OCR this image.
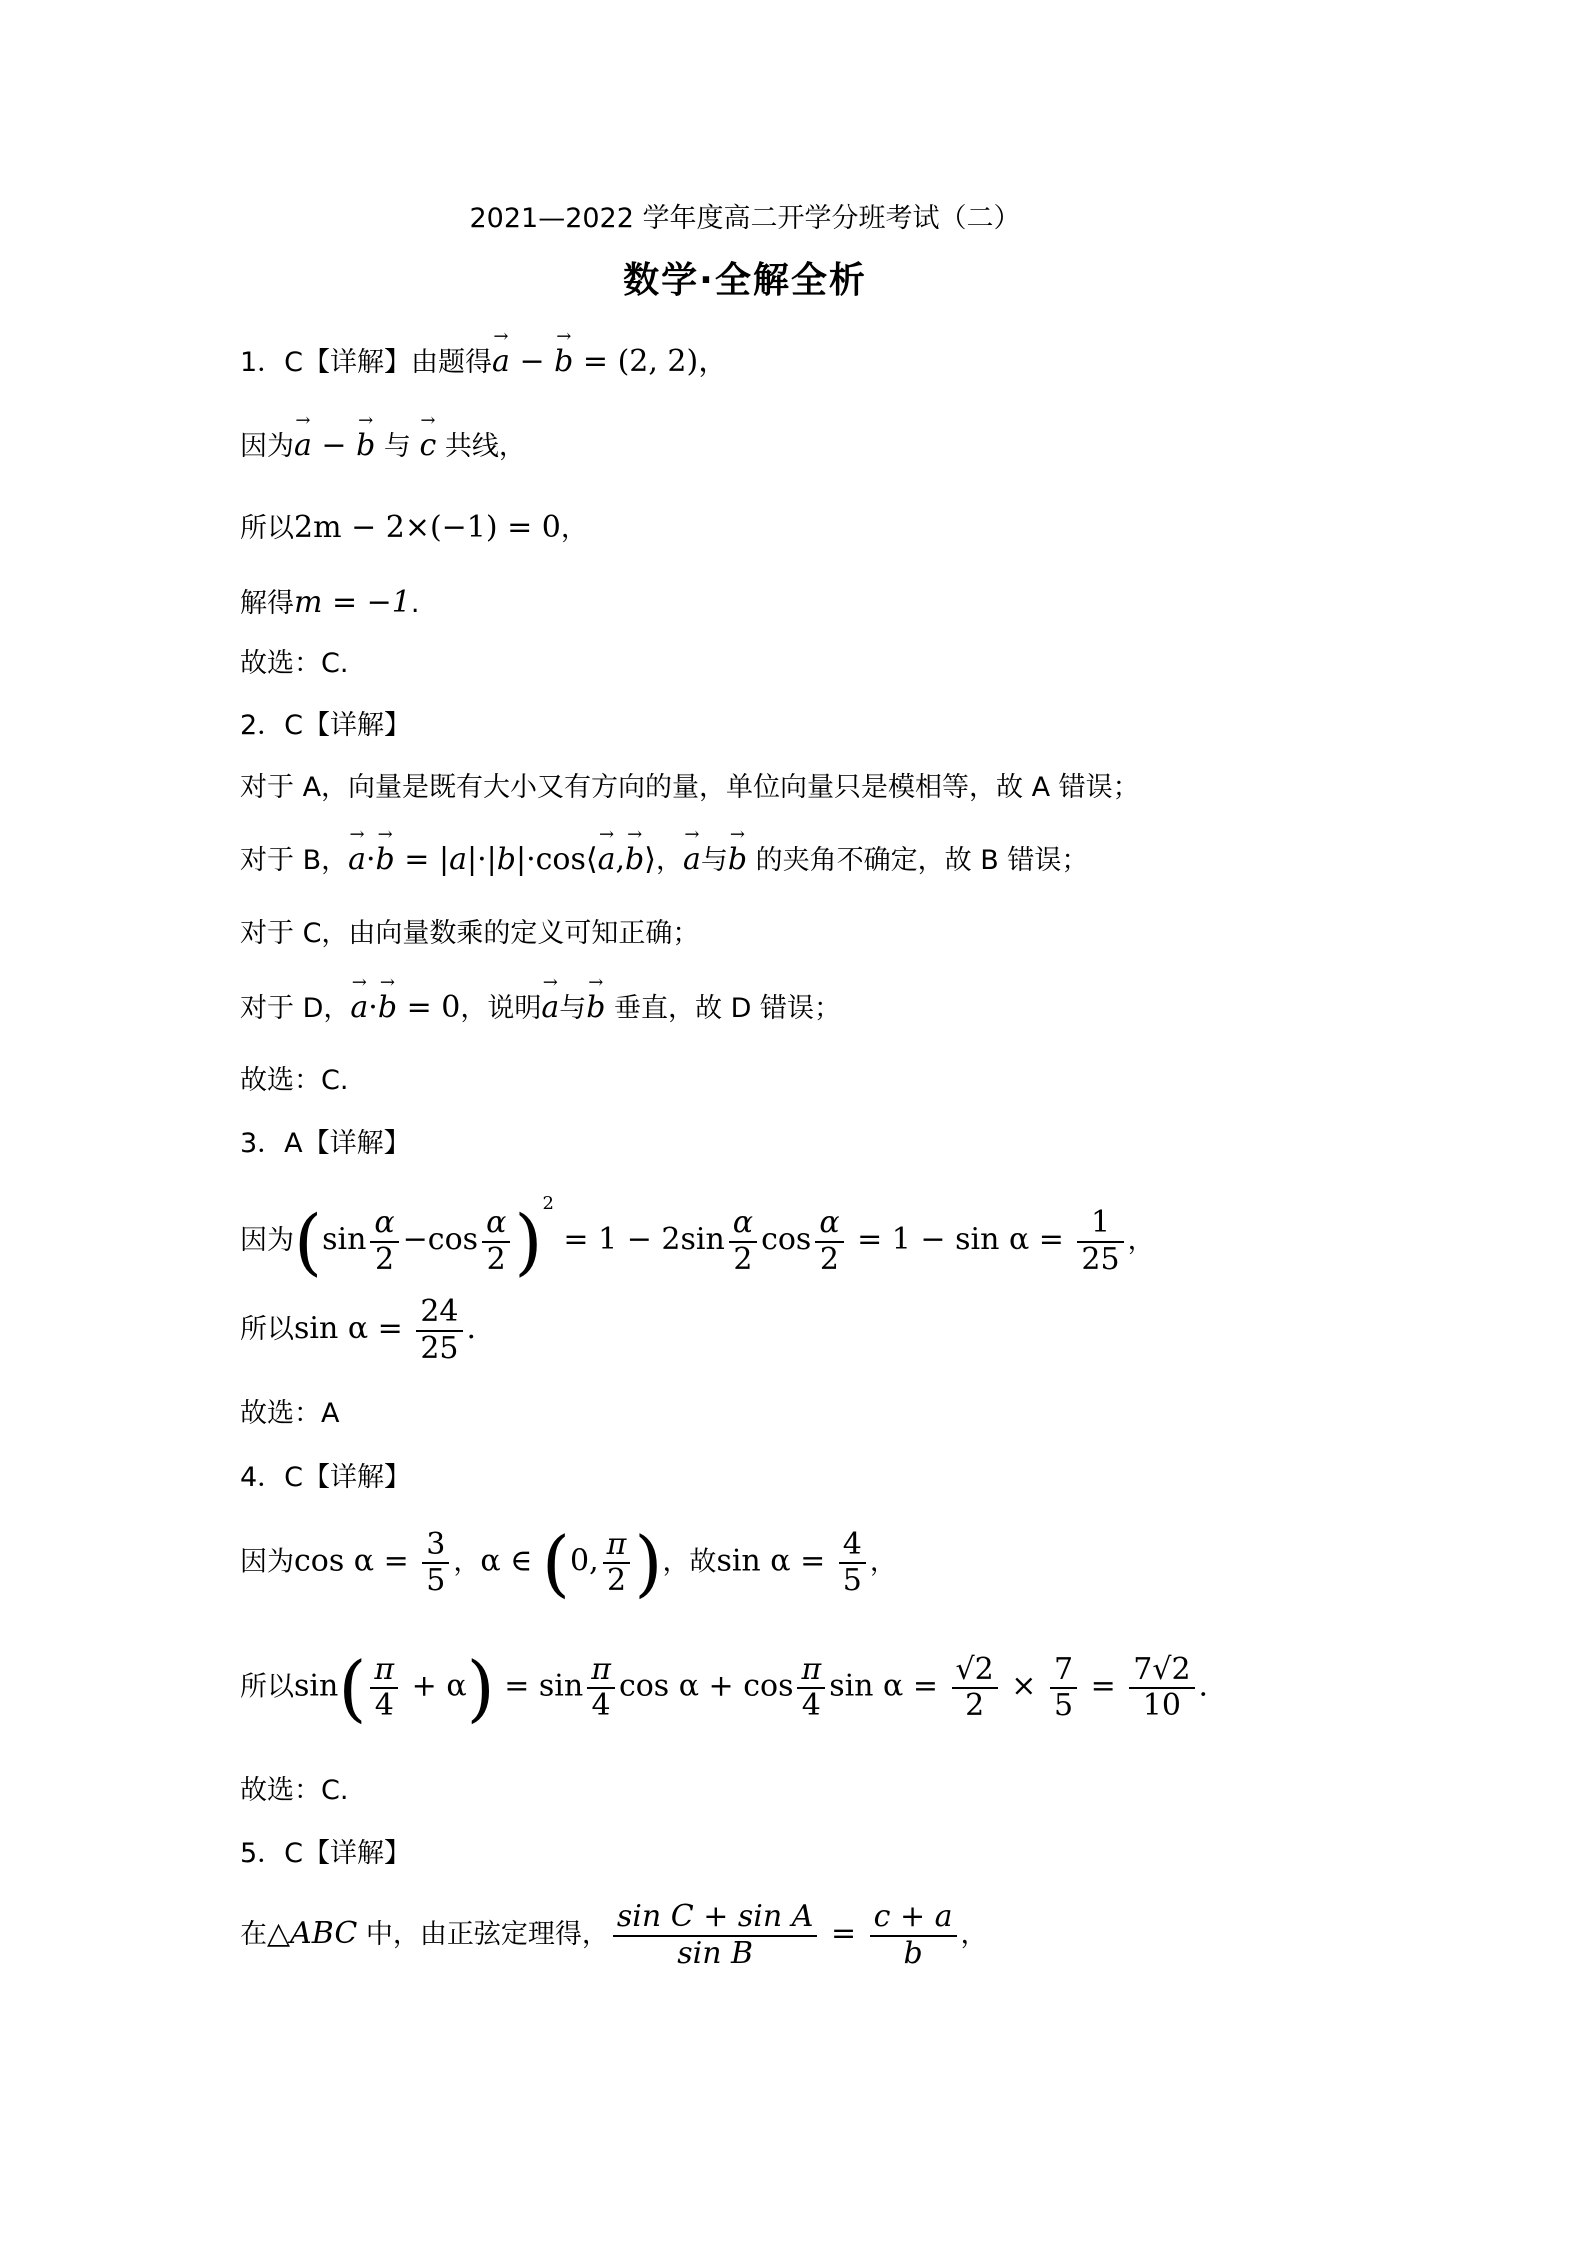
2021—2022 学年度高二开学分班考试（二）
数学·全解全析
1．C【详解】由题得→ a − → b = (2, 2)，
因为→ a − → b 与 → c 共线，
所以2m − 2×(−1) = 0，
解得m = −1.
故选：C.
2．C【详解】
对于 A，向量是既有大小又有方向的量，单位向量只是模相等，故 A 错误；
对于 B，→ a·→ b = |a|·|b|·cos⟨→ a,→ b⟩，→ a与→ b 的夹角不确定，故 B 错误；
对于 C，由向量数乘的定义可知正确；
对于 D，→ a·→ b = 0，说明→ a与→ b 垂直，故 D 错误；
故选：C.
3．A【详解】
因为$(\sin \frac{\alpha}{2} -\cos \frac{\alpha}{2} )^2 = 1 - 2\sin \frac{\alpha}{2}$ $\cos \frac{\alpha}{2} = 1 - \sin \alpha = \frac{1}{25}$ ，
所以$\sin \alpha = \frac{24}{25}$ .
故选：A
4．C【详解】
因为$\cos \alpha = \frac{3}{5}$ ，α ∈ (0, $\frac{\pi}{2}$ )，故$\sin \alpha = \frac{4}{5}$ ，
所以$\sin( \frac{\pi}{4} + \alpha) = \sin \frac{\pi}{4}$ $\cos \alpha + \cos \frac{\pi}{4}$ $\sin \alpha = \frac{√2}{2} \times \frac{7}{5} = \frac{7√2}{10}$ .
故选：C.
5．C【详解】
在△ABC 中，由正弦定理得， $\frac{\text{sin C + sin A}}{\text{sin B}} = \frac{c + a}{b}$ ，
